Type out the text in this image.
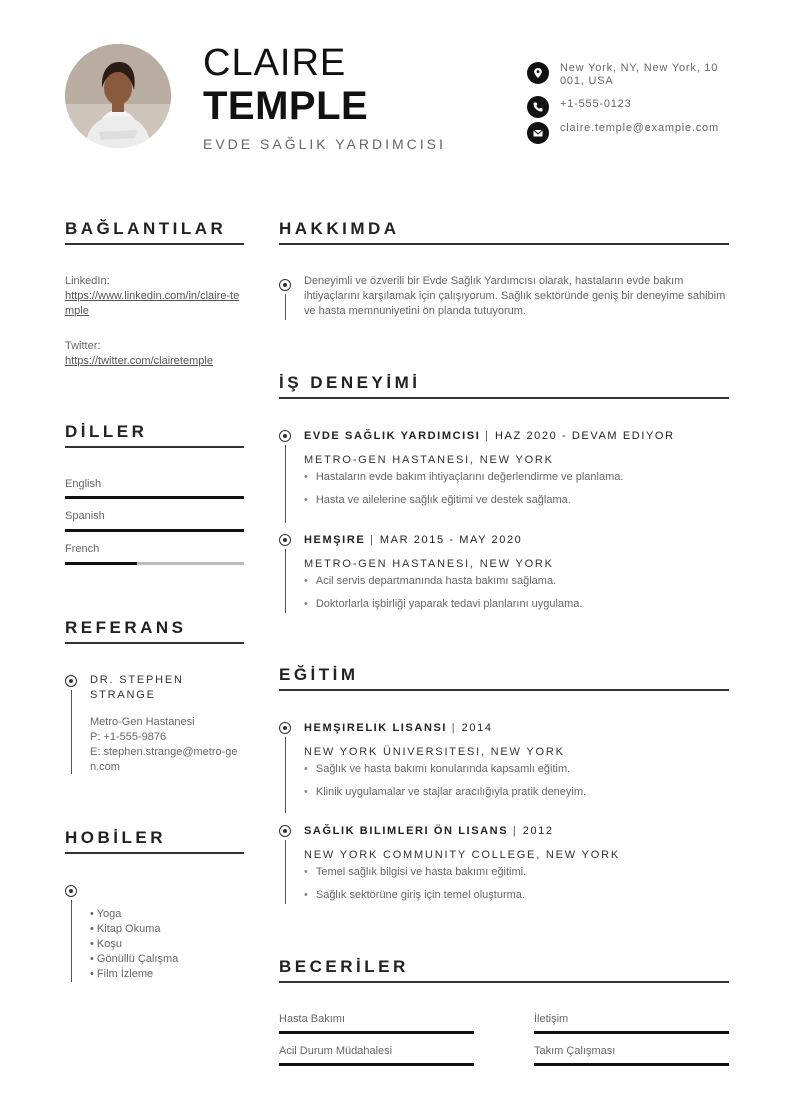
CLAIRE
TEMPLE
EVDE SAĞLIK YARDIMCISI
New York, NY, New York, 10001, USA
+1-555-0123
claire.temple@example.com
BAĞLANTILAR
LinkedIn:
https://www.linkedin.com/in/claire-temple
Twitter:
https://twitter.com/clairetemple
DİLLER
English
Spanish
French
REFERANS
DR. STEPHEN STRANGE
Metro-Gen Hastanesi
P: +1-555-9876
E: stephen.strange@metro-gen.com
HOBİLER
• Yoga
• Kitap Okuma
• Koşu
• Gönüllü Çalışma
• Film İzleme
HAKKIMDA
Deneyimli ve özverili bir Evde Sağlık Yardımcısı olarak, hastaların evde bakım ihtiyaçlarını karşılamak için çalışıyorum. Sağlık sektöründe geniş bir deneyime sahibim ve hasta memnuniyetini ön planda tutuyorum.
İŞ DENEYİMİ
EVDE SAĞLIK YARDIMCISI | HAZ 2020 - DEVAM EDIYOR
METRO-GEN HASTANESI, NEW YORK
• Hastaların evde bakım ihtiyaçlarını değerlendirme ve planlama.
• Hasta ve ailelerine sağlık eğitimi ve destek sağlama.
HEMŞIRE | MAR 2015 - MAY 2020
METRO-GEN HASTANESI, NEW YORK
• Acil servis departmanında hasta bakımı sağlama.
• Doktorlarla işbirliği yaparak tedavi planlarını uygulama.
EĞİTİM
HEMŞIRELIK LISANSI | 2014
NEW YORK ÜNIVERSITESI, NEW YORK
• Sağlık ve hasta bakımı konularında kapsamlı eğitim.
• Klinik uygulamalar ve stajlar aracılığıyla pratik deneyim.
SAĞLIK BILIMLERI ÖN LISANS | 2012
NEW YORK COMMUNITY COLLEGE, NEW YORK
• Temel sağlık bilgisi ve hasta bakımı eğitimi.
• Sağlık sektörüne giriş için temel oluşturma.
BECERİLER
Hasta Bakımı	İletişim
Acil Durum Müdahalesi	Takım Çalışması
